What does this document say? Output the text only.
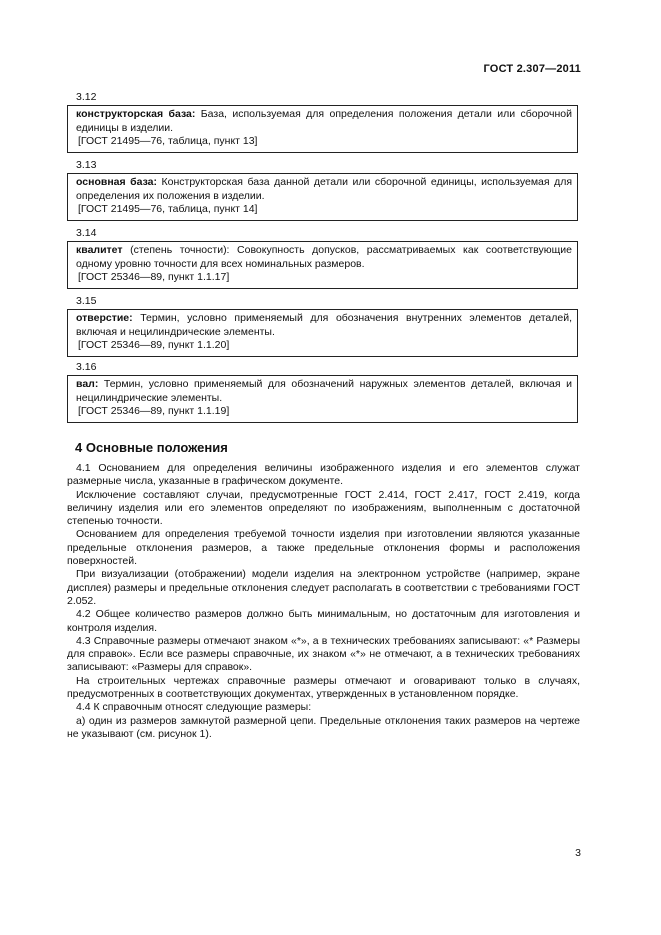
ГОСТ 2.307—2011
3.12
конструкторская база: База, используемая для определения положения детали или сборочной единицы в изделии.
[ГОСТ 21495—76, таблица, пункт 13]
3.13
основная база: Конструкторская база данной детали или сборочной единицы, используемая для определения их положения в изделии.
[ГОСТ 21495—76, таблица, пункт 14]
3.14
квалитет (степень точности): Совокупность допусков, рассматриваемых как соответствующие одному уровню точности для всех номинальных размеров.
[ГОСТ 25346—89, пункт 1.1.17]
3.15
отверстие: Термин, условно применяемый для обозначения внутренних элементов деталей, включая и нецилиндрические элементы.
[ГОСТ 25346—89, пункт 1.1.20]
3.16
вал: Термин, условно применяемый для обозначений наружных элементов деталей, включая и нецилиндрические элементы.
[ГОСТ 25346—89, пункт 1.1.19]
4 Основные положения

4.1 Основанием для определения величины изображенного изделия и его элементов служат размерные числа, указанные в графическом документе.

Исключение составляют случаи, предусмотренные ГОСТ 2.414, ГОСТ 2.417, ГОСТ 2.419, когда величину изделия или его элементов определяют по изображениям, выполненным с достаточной степенью точности.

Основанием для определения требуемой точности изделия при изготовлении являются указанные предельные отклонения размеров, а также предельные отклонения формы и расположения поверхностей.

При визуализации (отображении) модели изделия на электронном устройстве (например, экране дисплея) размеры и предельные отклонения следует располагать в соответствии с требованиями ГОСТ 2.052.

4.2 Общее количество размеров должно быть минимальным, но достаточным для изготовления и контроля изделия.

4.3 Справочные размеры отмечают знаком «*», а в технических требованиях записывают: «* Размеры для справок». Если все размеры справочные, их знаком «*» не отмечают, а в технических требованиях записывают: «Размеры для справок».

На строительных чертежах справочные размеры отмечают и оговаривают только в случаях, предусмотренных в соответствующих документах, утвержденных в установленном порядке.

4.4 К справочным относят следующие размеры:

а) один из размеров замкнутой размерной цепи. Предельные отклонения таких размеров на чертеже не указывают (см. рисунок 1).

3
